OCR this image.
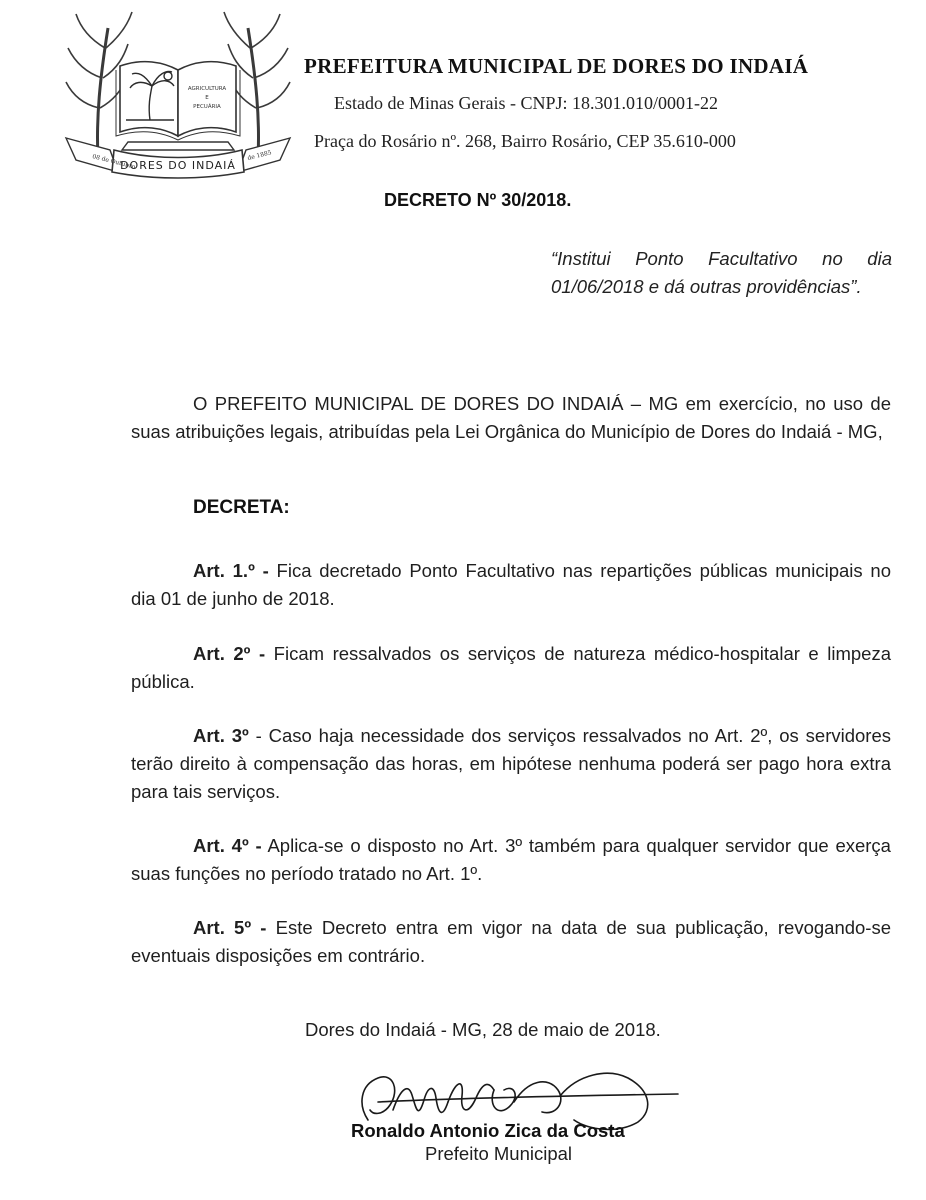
AGRICULTURA
E
PECUÁRIA
DORES DO INDAIÁ
08 de Outubro	de 1885
PREFEITURA MUNICIPAL DE DORES DO INDAIÁ
Estado de Minas Gerais - CNPJ: 18.301.010/0001-22
Praça do Rosário nº. 268, Bairro Rosário, CEP 35.610-000
DECRETO Nº 30/2018.
“Institui Ponto Facultativo no dia 01/06/2018 e dá outras providências”.
O PREFEITO MUNICIPAL DE DORES DO INDAIÁ – MG em exercício, no uso de suas atribuições legais, atribuídas pela Lei Orgânica do Município de Dores do Indaiá - MG,
DECRETA:
Art. 1.º - Fica decretado Ponto Facultativo nas repartições públicas municipais no dia 01 de junho de 2018.
Art. 2º - Ficam ressalvados os serviços de natureza médico-hospitalar e limpeza pública.
Art. 3º - Caso haja necessidade dos serviços ressalvados no Art. 2º, os servidores terão direito à compensação das horas, em hipótese nenhuma poderá ser pago hora extra para tais serviços.
Art. 4º - Aplica-se o disposto no Art. 3º também para qualquer servidor que exerça suas funções no período tratado no Art. 1º.
Art. 5º - Este Decreto entra em vigor na data de sua publicação, revogando-se eventuais disposições em contrário.
Dores do Indaiá - MG, 28 de maio de 2018.
Ronaldo Antonio Zica da Costa
Prefeito Municipal
